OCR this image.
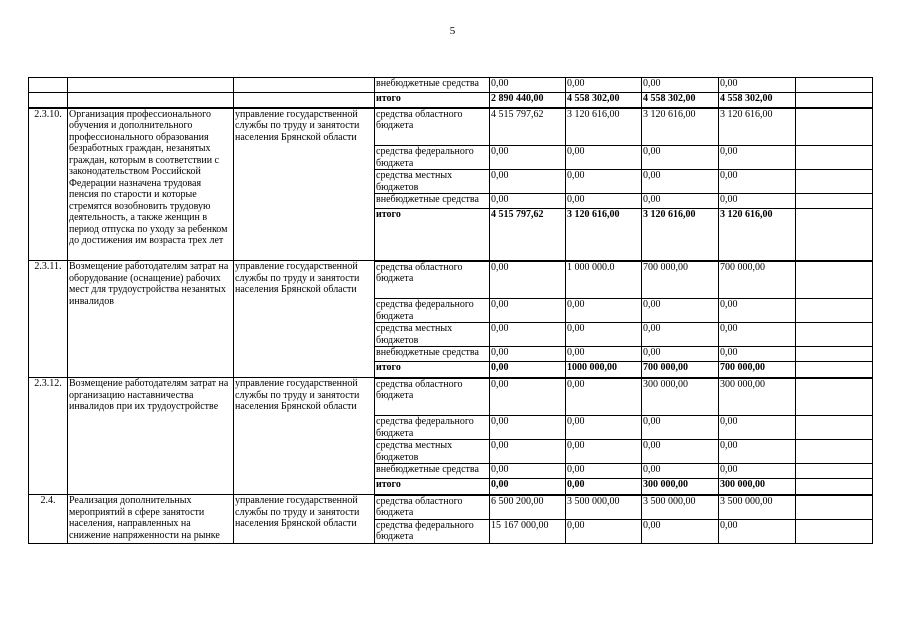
5
			внебюджетные средства	0,00	0,00	0,00	0,00	
			итого	2 890 440,00	4 558 302,00	4 558 302,00	4 558 302,00	
2.3.10.	Организация профессионального обучения и дополнительного профессионального образования безработных граждан, незанятых граждан, которым в соответствии с законодательством Российской Федерации назначена трудовая пенсия по старости и которые стремятся возобновить трудовую деятельность, а также женщин в период отпуска по уходу за ребенком до достижения им возраста трех лет	управление государственной службы по труду и занятости населения Брянской области	средства областного бюджета	4 515 797,62	3 120 616,00	3 120 616,00	3 120 616,00	
			средства федерального бюджета	0,00	0,00	0,00	0,00	
			средства местных бюджетов	0,00	0,00	0,00	0,00	
			внебюджетные средства	0,00	0,00	0,00	0,00	
			итого	4 515 797,62	3 120 616,00	3 120 616,00	3 120 616,00	
2.3.11.	Возмещение работодателям затрат на оборудование (оснащение) рабочих мест для трудоустройства незанятых инвалидов	управление государственной службы по труду и занятости населения Брянской области	средства областного бюджета	0,00	1 000 000.0	700 000,00	700 000,00	
			средства федерального бюджета	0,00	0,00	0,00	0,00	
			средства местных бюджетов	0,00	0,00	0,00	0,00	
			внебюджетные средства	0,00	0,00	0,00	0,00	
			итого	0,00	1000 000,00	700 000,00	700 000,00	
2.3.12.	Возмещение работодателям затрат на организацию наставничества инвалидов при их трудоустройстве	управление государственной службы по труду и занятости населения Брянской области	средства областного бюджета	0,00	0,00	300 000,00	300 000,00	
			средства федерального бюджета	0,00	0,00	0,00	0,00	
			средства местных бюджетов	0,00	0,00	0,00	0,00	
			внебюджетные средства	0,00	0,00	0,00	0,00	
			итого	0,00	0,00	300 000,00	300 000,00	
2.4.	Реализация дополнительных мероприятий в сфере занятости населения, направленных на снижение напряженности на рынке	управление государственной службы по труду и занятости населения Брянской области	средства областного бюджета	6 500 200,00	3 500 000,00	3 500 000,00	3 500 000,00	
			средства федерального бюджета	15 167 000,00	0,00	0,00	0,00	
